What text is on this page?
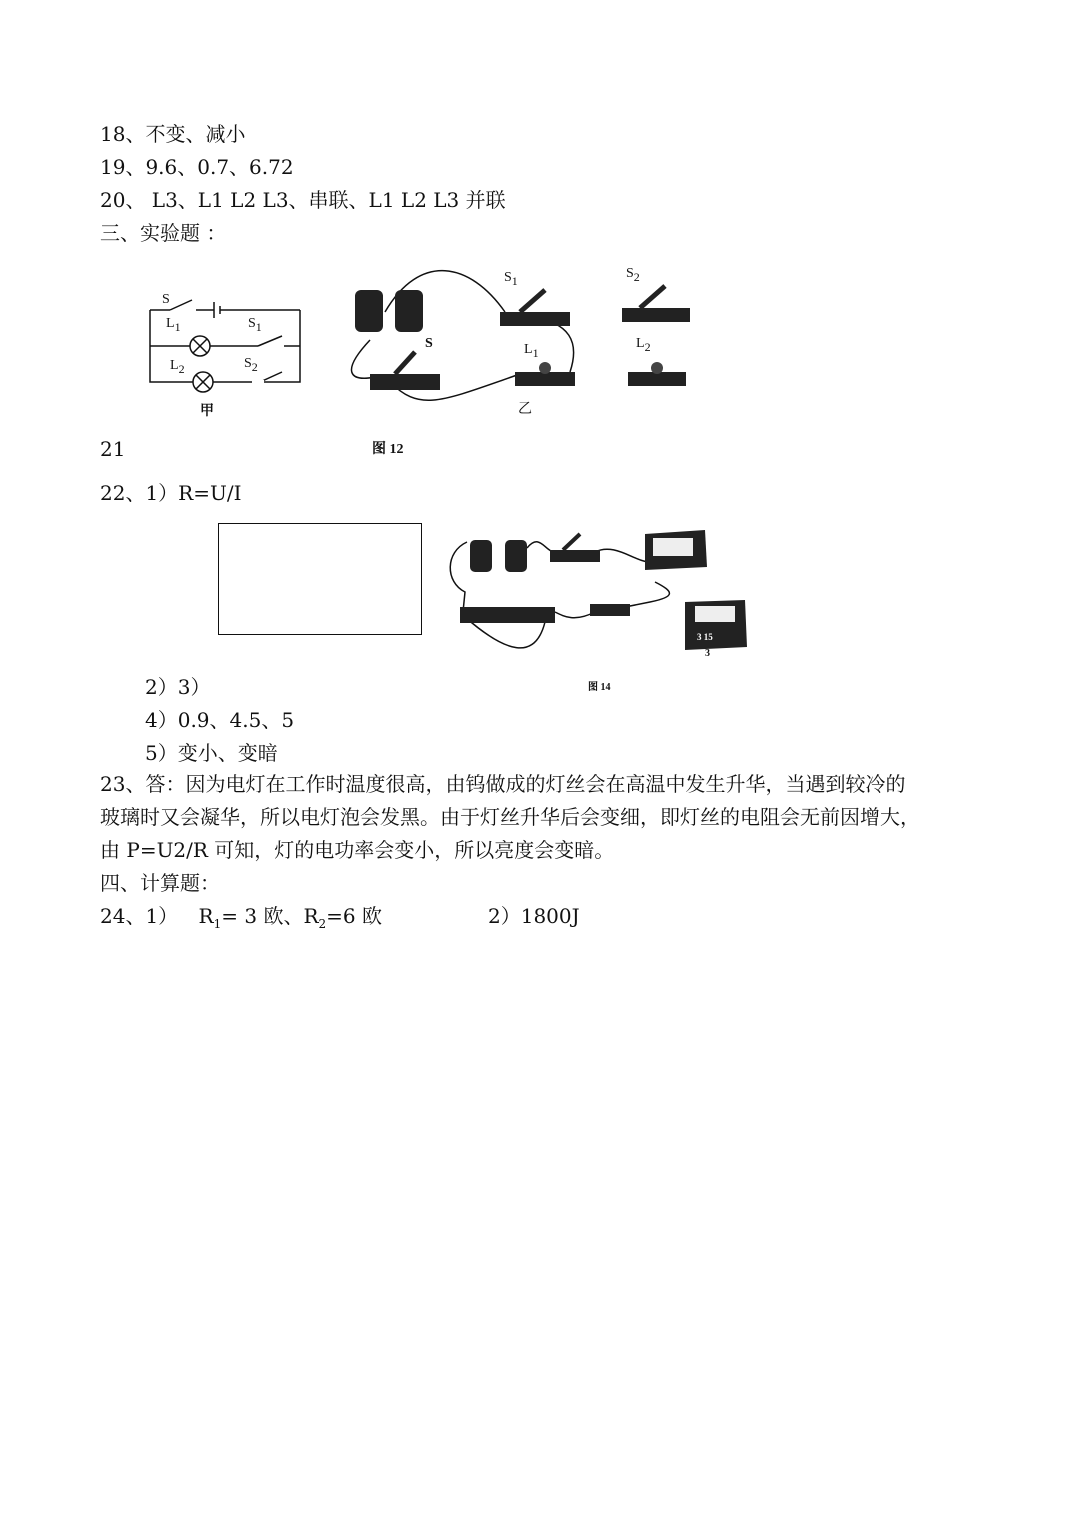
18、不变、减小
19、9.6、0.7、6.72
20、 L3、L1 L2 L3、串联、L1 L2 L3 并联
三、实验题 ：
S
$L_1$	$S_1$
$L_2$	$S_2$
甲
S
$S_1$
$L_1$
$S_2$
$L_2$
乙
图 12
21
22、1）R=U/I
3 15
3
图 14
2）3）
4）0.9、4.5、5
5）变小、变暗
23、答：因为电灯在工作时温度很高，由钨做成的灯丝会在高温中发生升华，当遇到较冷的
玻璃时又会凝华，所以电灯泡会发黑。由于灯丝升华后会变细，即灯丝的电阻会无前因增大，
由 P=U2/R 可知，灯的电功率会变小，所以亮度会变暗。
四、计算题：
24、1） $R_1= 3$ 欧、$R_2=6$ 欧	2）1800J
